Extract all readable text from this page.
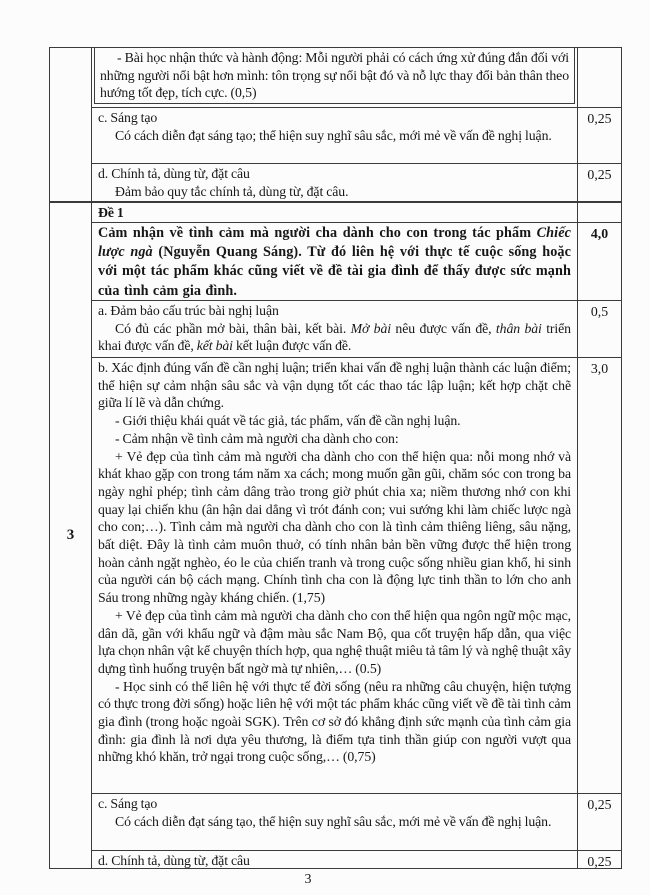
- Bài học nhận thức và hành động: Mỗi người phải có cách ứng xử đúng đắn đối với những người nổi bật hơn mình: tôn trọng sự nổi bật đó và nỗ lực thay đổi bản thân theo hướng tốt đẹp, tích cực. (0,5)

c. Sáng tạo

Có cách diễn đạt sáng tạo; thể hiện suy nghĩ sâu sắc, mới mẻ về vấn đề nghị luận.

0,25

d. Chính tả, dùng từ, đặt câu

Đảm bảo quy tắc chính tả, dùng từ, đặt câu.

0,25
3

Đề 1

Cảm nhận về tình cảm mà người cha dành cho con trong tác phẩm Chiếc lược ngà (Nguyễn Quang Sáng). Từ đó liên hệ với thực tế cuộc sống hoặc với một tác phẩm khác cũng viết về đề tài gia đình để thấy được sức mạnh của tình cảm gia đình.

4,0

a. Đảm bảo cấu trúc bài nghị luận

Có đủ các phần mở bài, thân bài, kết bài. Mở bài nêu được vấn đề, thân bài triển khai được vấn đề, kết bài kết luận được vấn đề.

0,5

b. Xác định đúng vấn đề cần nghị luận; triển khai vấn đề nghị luận thành các luận điểm; thể hiện sự cảm nhận sâu sắc và vận dụng tốt các thao tác lập luận; kết hợp chặt chẽ giữa lí lẽ và dẫn chứng.

- Giới thiệu khái quát về tác giả, tác phẩm, vấn đề cần nghị luận.

- Cảm nhận về tình cảm mà người cha dành cho con:

+ Vẻ đẹp của tình cảm mà người cha dành cho con thể hiện qua: nỗi mong nhớ và khát khao gặp con trong tám năm xa cách; mong muốn gần gũi, chăm sóc con trong ba ngày nghỉ phép; tình cảm dâng trào trong giờ phút chia xa; niềm thương nhớ con khi quay lại chiến khu (ân hận dai dẳng vì trót đánh con; vui sướng khi làm chiếc lược ngà cho con;…). Tình cảm mà người cha dành cho con là tình cảm thiêng liêng, sâu nặng, bất diệt. Đây là tình cảm muôn thuở, có tính nhân bản bền vững được thể hiện trong hoàn cảnh ngặt nghèo, éo le của chiến tranh và trong cuộc sống nhiều gian khổ, hi sinh của người cán bộ cách mạng. Chính tình cha con là động lực tinh thần to lớn cho anh Sáu trong những ngày kháng chiến. (1,75)

+ Vẻ đẹp của tình cảm mà người cha dành cho con thể hiện qua ngôn ngữ mộc mạc, dân dã, gần với khẩu ngữ và đậm màu sắc Nam Bộ, qua cốt truyện hấp dẫn, qua việc lựa chọn nhân vật kể chuyện thích hợp, qua nghệ thuật miêu tả tâm lý và nghệ thuật xây dựng tình huống truyện bất ngờ mà tự nhiên,… (0.5)

- Học sinh có thể liên hệ với thực tế đời sống (nêu ra những câu chuyện, hiện tượng có thực trong đời sống) hoặc liên hệ với một tác phẩm khác cũng viết về đề tài tình cảm gia đình (trong hoặc ngoài SGK). Trên cơ sở đó khẳng định sức mạnh của tình cảm gia đình: gia đình là nơi dựa yêu thương, là điểm tựa tinh thần giúp con người vượt qua những khó khăn, trở ngại trong cuộc sống,… (0,75)

3,0

c. Sáng tạo

Có cách diễn đạt sáng tạo, thể hiện suy nghĩ sâu sắc, mới mẻ về vấn đề nghị luận.

0,25

d. Chính tả, dùng từ, đặt câu	0,25
3
